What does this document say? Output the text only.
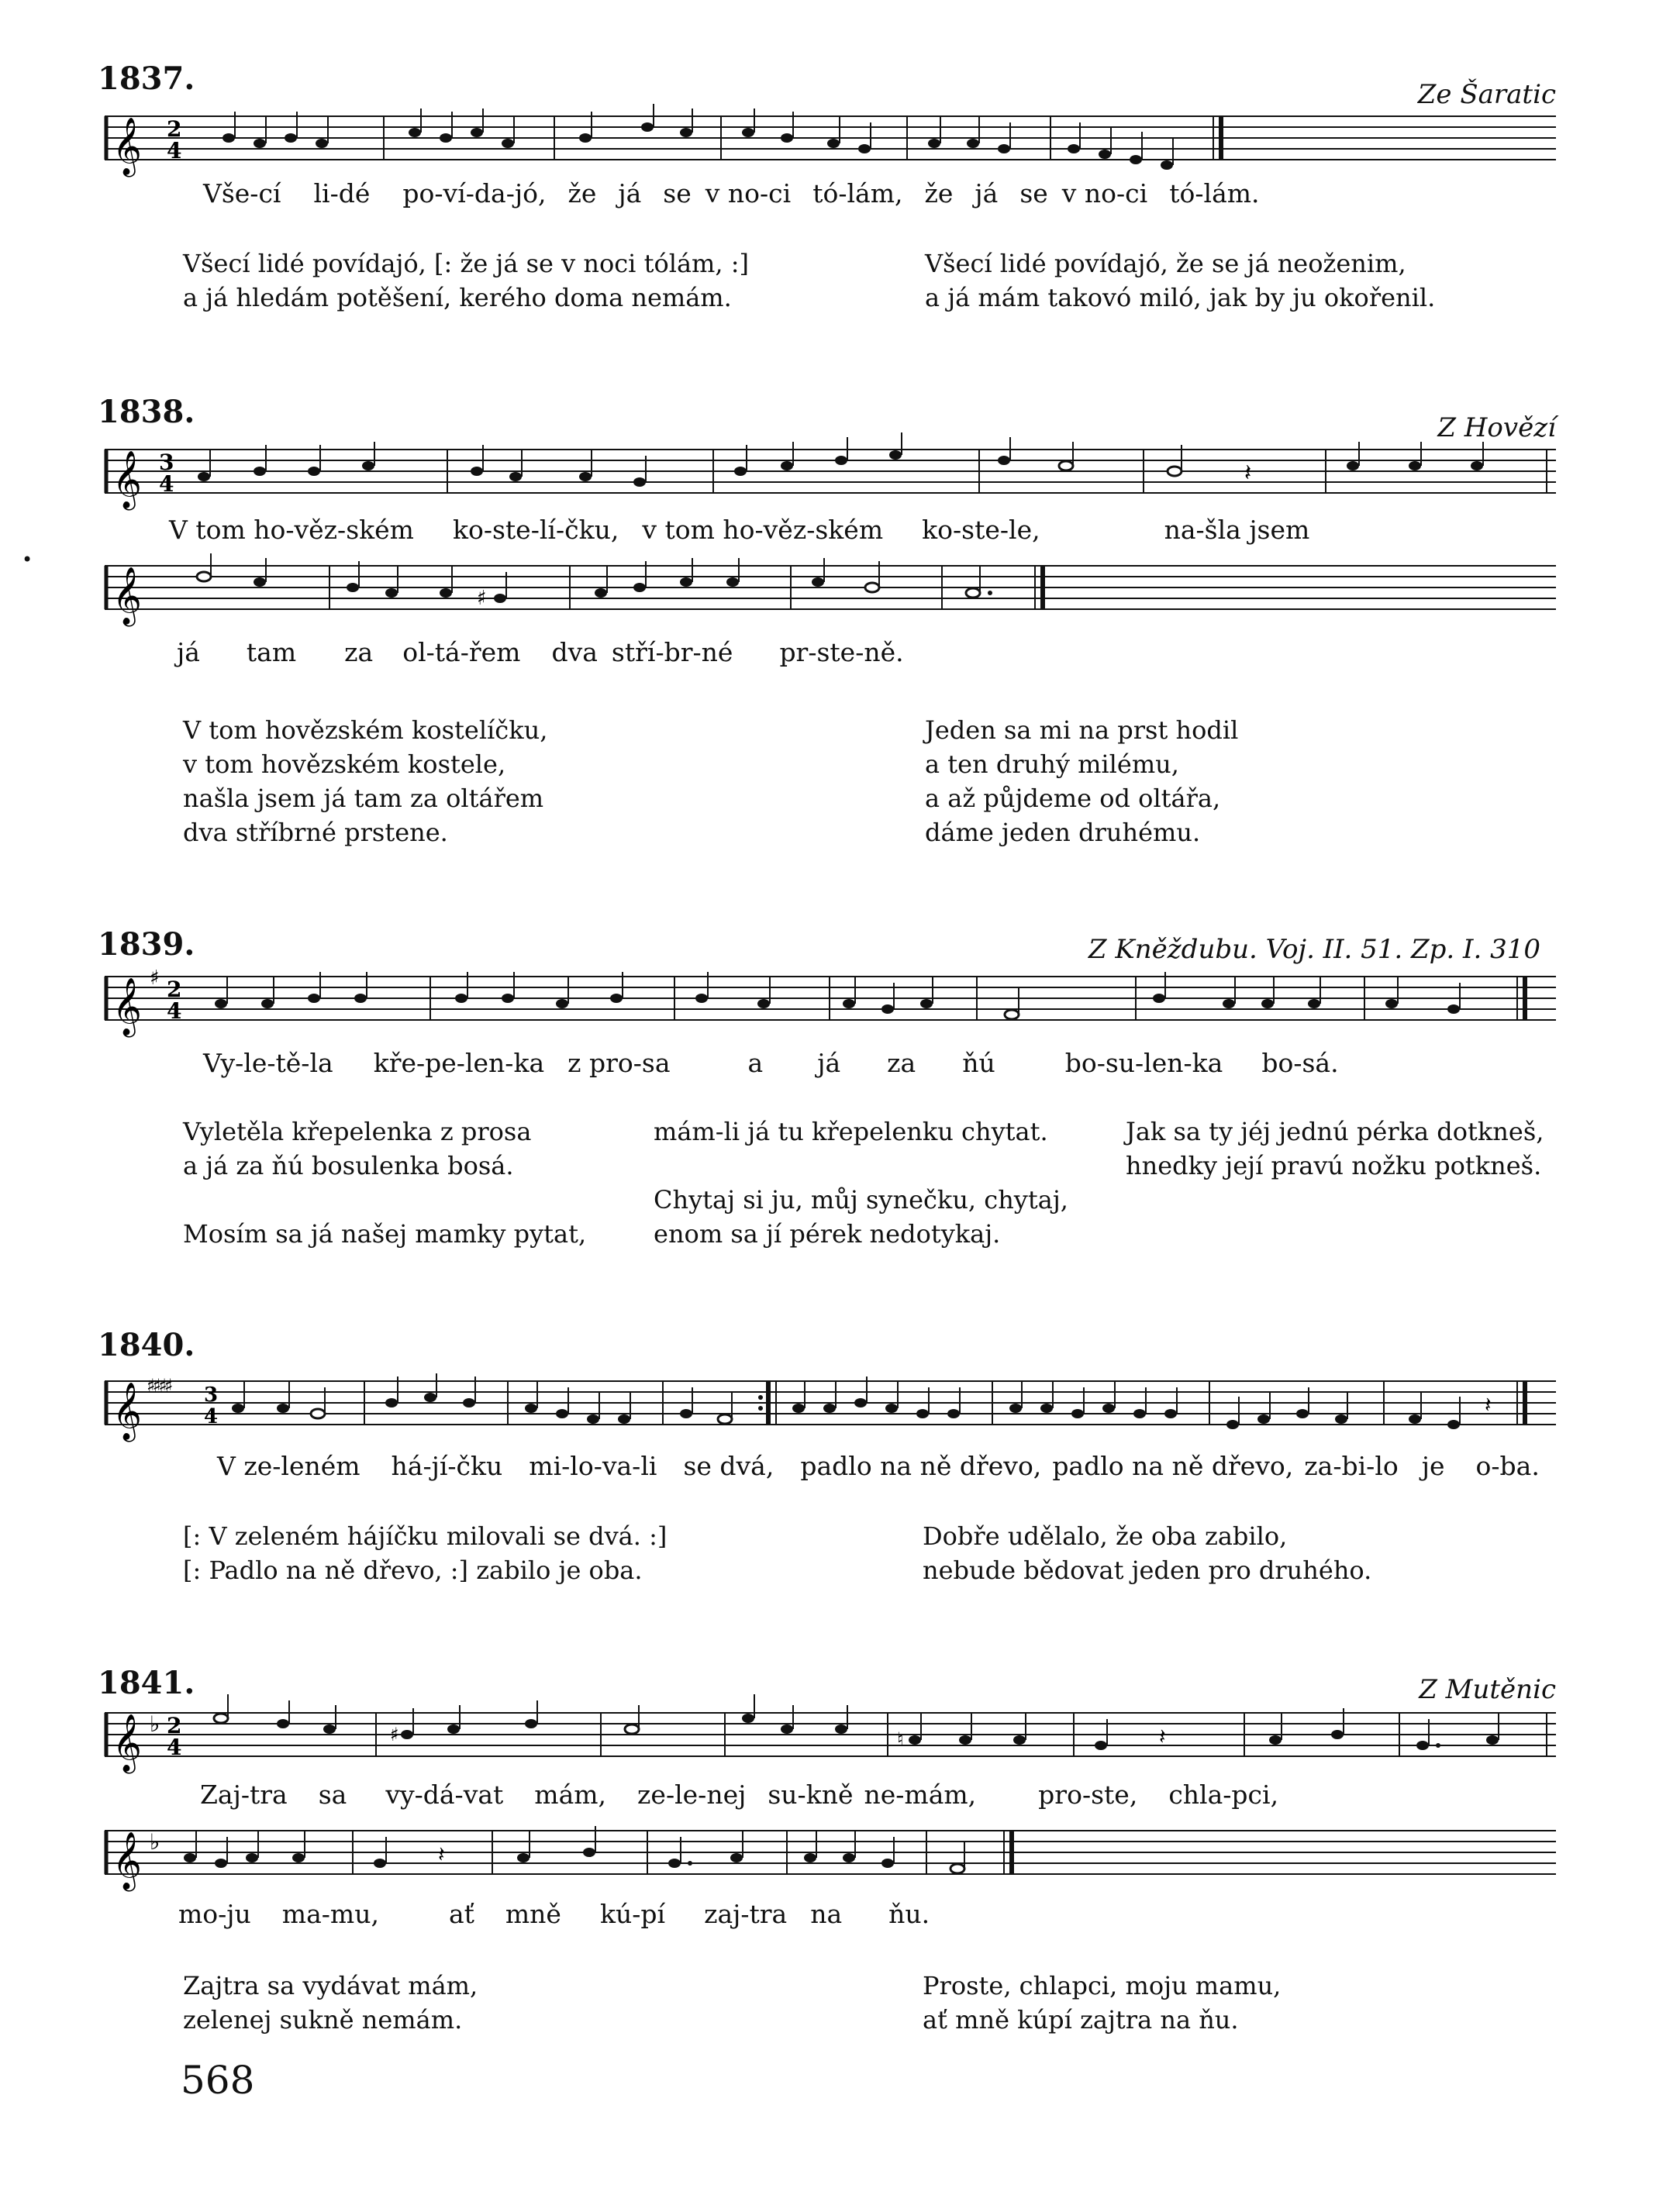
1837.	Ze Šaratic
𝄞 2
4
Vše-cí li-dé po-ví-da-jó, že já se v no-ci tó-lám, že já se v no-ci tó-lám.
Všecí lidé povídajó, [: že já se v noci tólám, :]
a já hledám potěšení, kerého doma nemám.
Všecí lidé povídajó, že se já neoženim,
a já mám takovó miló, jak by ju okořenil.
1838.	Z Hovězí
𝄞 3
4	𝄽
V tom ho-věz-ském ko-ste-lí-čku, v tom ho-věz-ském ko-ste-le,	na-šla jsem
•
𝄞	♯
já tam za ol-tá-řem dva stří-br-né pr-ste-ně.
V tom hovězském kostelíčku,
v tom hovězském kostele,
našla jsem já tam za oltářem
dva stříbrné prstene.
Jeden sa mi na prst hodil
a ten druhý milému,
a až půjdeme od oltářa,
dáme jeden druhému.
1839.	Z Kněždubu. Voj. II. 51. Zp. I. 310
𝄞 ♯ 2
4
Vy-le-tě-la kře-pe-len-ka z pro-sa	a já za ňú	bo-su-len-ka bo-sá.
Vyletěla křepelenka z prosa
a já za ňú bosulenka bosá.

Mosím sa já našej mamky pytat,
mám-li já tu křepelenku chytat.

Chytaj si ju, můj synečku, chytaj,
enom sa jí pérek nedotykaj.
Jak sa ty jéj jednú pérka dotkneš,
hnedky její pravú nožku potkneš.
1840.
𝄞 ♯♯♯♯ 3
4	𝄽
V ze-leném há-jí-čku mi-lo-va-li se dvá, padlo na ně dřevo, padlo na ně dřevo, za-bi-lo je o-ba.
[: V zeleném hájíčku milovali se dvá. :]
[: Padlo na ně dřevo, :] zabilo je oba.
Dobře udělalo, že oba zabilo,
nebude bědovat jeden pro druhého.
1841.	Z Mutěnic
𝄞 ♭ 2
4	♯	♮	𝄽
Zaj-tra sa vy-dá-vat mám, ze-le-nej su-kně ne-mám, pro-ste, chla-pci,
𝄞 ♭	𝄽
mo-ju ma-mu,	ať mně kú-pí zaj-tra na ňu.
Zajtra sa vydávat mám,
zelenej sukně nemám.
Proste, chlapci, moju mamu,
ať mně kúpí zajtra na ňu.
568
